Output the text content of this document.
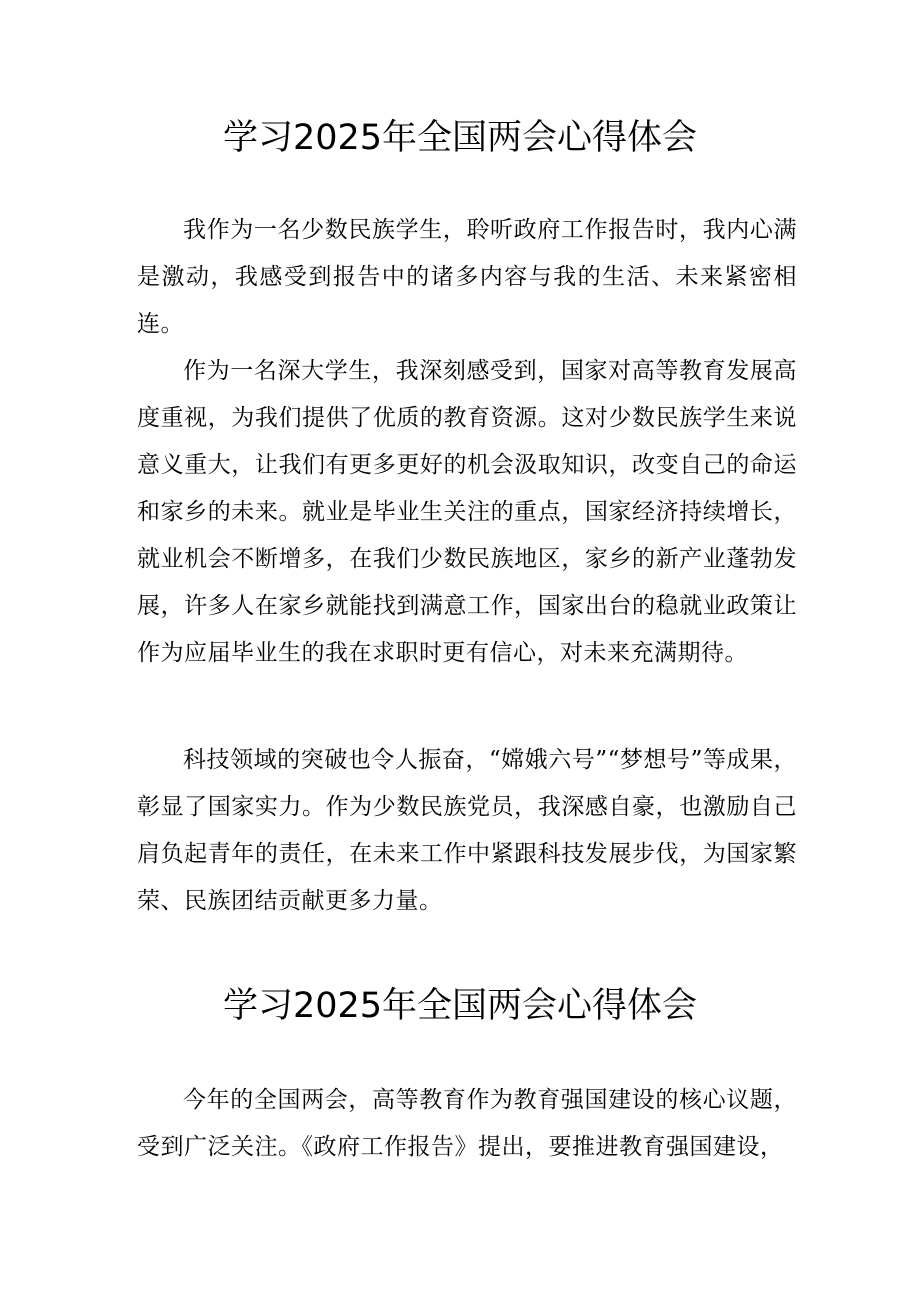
学习2025年全国两会心得体会

我作为一名少数民族学生，聆听政府工作报告时，我内心满是激动，我感受到报告中的诸多内容与我的生活、未来紧密相连。

作为一名深大学生，我深刻感受到，国家对高等教育发展高度重视，为我们提供了优质的教育资源。这对少数民族学生来说意义重大，让我们有更多更好的机会汲取知识，改变自己的命运和家乡的未来。就业是毕业生关注的重点，国家经济持续增长，就业机会不断增多，在我们少数民族地区，家乡的新产业蓬勃发展，许多人在家乡就能找到满意工作，国家出台的稳就业政策让作为应届毕业生的我在求职时更有信心，对未来充满期待。

科技领域的突破也令人振奋，“嫦娥六号”“梦想号”等成果，彰显了国家实力。作为少数民族党员，我深感自豪，也激励自己肩负起青年的责任，在未来工作中紧跟科技发展步伐，为国家繁荣、民族团结贡献更多力量。

学习2025年全国两会心得体会

今年的全国两会，高等教育作为教育强国建设的核心议题，受到广泛关注。《政府工作报告》提出，要推进教育强国建设，
